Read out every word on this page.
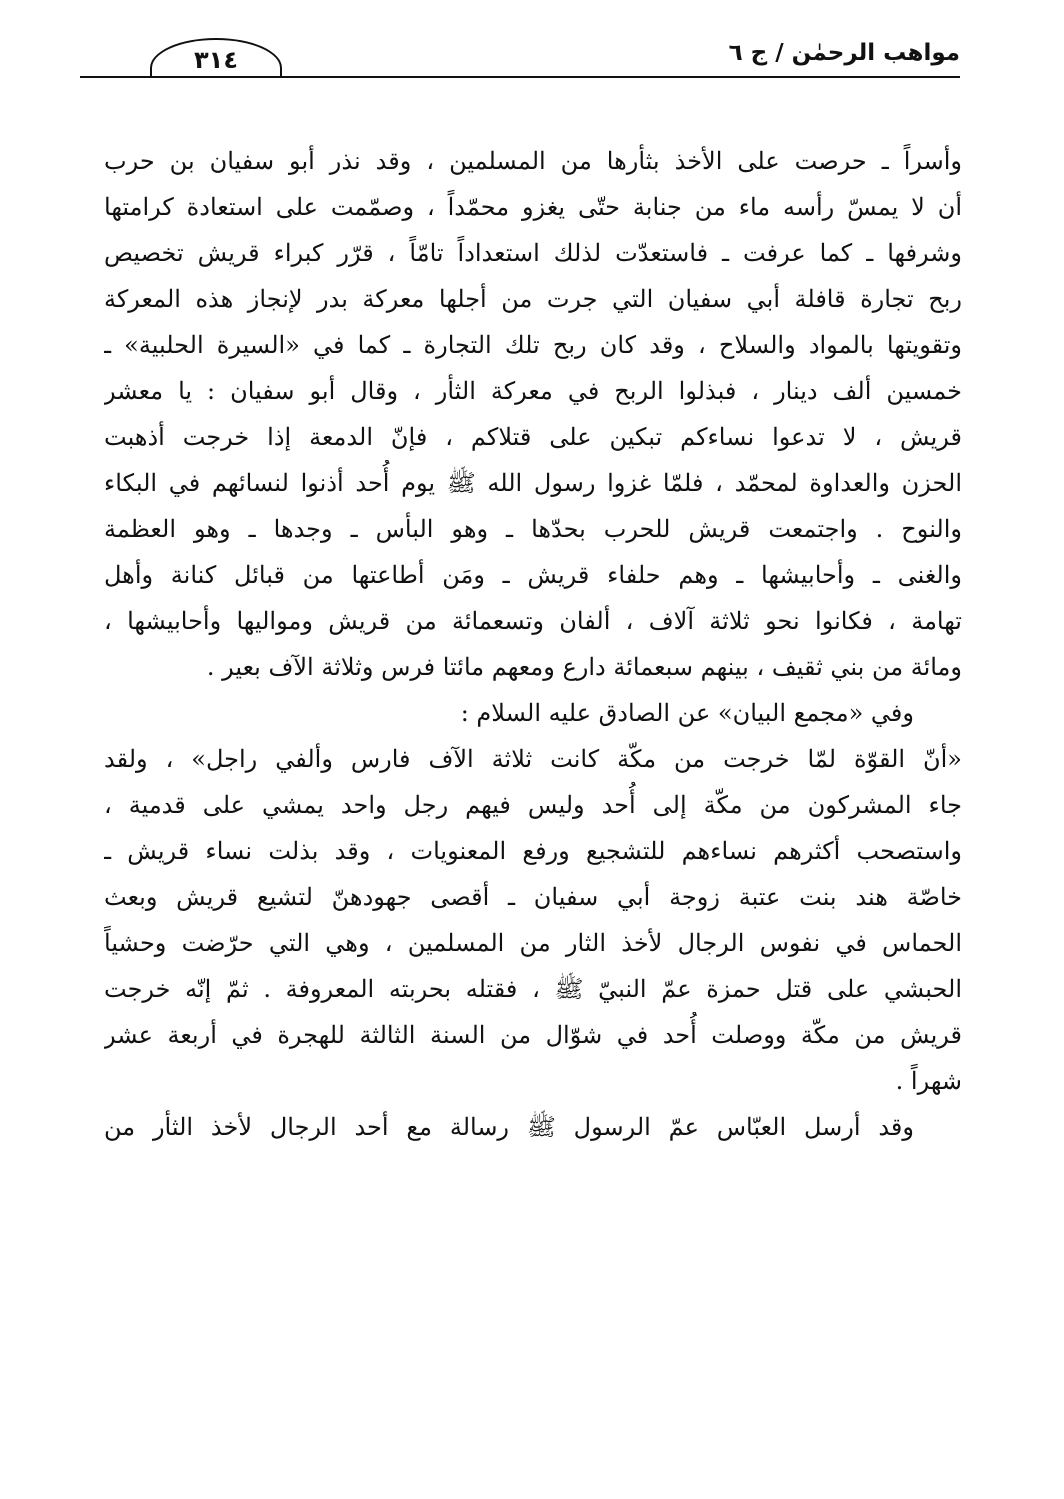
مواهب الرحمٰن / ج ٦
٣١٤
وأسراً ـ حرصت على الأخذ بثأرها من المسلمين ، وقد نذر أبو سفيان بن حرب
أن لا يمسّ رأسه ماء من جنابة حتّى يغزو محمّداً ، وصمّمت على استعادة كرامتها
وشرفها ـ كما عرفت ـ فاستعدّت لذلك استعداداً تامّاً ، قرّر كبراء قريش تخصيص
ربح تجارة قافلة أبي سفيان التي جرت من أجلها معركة بدر لإنجاز هذه المعركة
وتقويتها بالمواد والسلاح ، وقد كان ربح تلك التجارة ـ كما في «السيرة الحلبية» ـ
خمسين ألف دينار ، فبذلوا الربح في معركة الثأر ، وقال أبو سفيان : يا معشر
قريش ، لا تدعوا نساءكم تبكين على قتلاكم ، فإنّ الدمعة إذا خرجت أذهبت
الحزن والعداوة لمحمّد ، فلمّا غزوا رسول الله ﷺ يوم أُحد أذنوا لنسائهم في البكاء
والنوح . واجتمعت قريش للحرب بحدّها ـ وهو البأس ـ وجدها ـ وهو العظمة
والغنى ـ وأحابيشها ـ وهم حلفاء قريش ـ ومَن أطاعتها من قبائل كنانة وأهل
تهامة ، فكانوا نحو ثلاثة آلاف ، ألفان وتسعمائة من قريش ومواليها وأحابيشها ،
ومائة من بني ثقيف ، بينهم سبعمائة دارع ومعهم مائتا فرس وثلاثة الآف بعير .
وفي «مجمع البيان» عن الصادق عليه السلام :
«أنّ القوّة لمّا خرجت من مكّة كانت ثلاثة الآف فارس وألفي راجل» ، ولقد
جاء المشركون من مكّة إلى أُحد وليس فيهم رجل واحد يمشي على قدمية ،
واستصحب أكثرهم نساءهم للتشجيع ورفع المعنويات ، وقد بذلت نساء قريش ـ
خاصّة هند بنت عتبة زوجة أبي سفيان ـ أقصى جهودهنّ لتشيع قريش وبعث
الحماس في نفوس الرجال لأخذ الثار من المسلمين ، وهي التي حرّضت وحشياً
الحبشي على قتل حمزة عمّ النبيّ ﷺ ، فقتله بحربته المعروفة . ثمّ إنّه خرجت
قريش من مكّة ووصلت أُحد في شوّال من السنة الثالثة للهجرة في أربعة عشر
شهراً .
وقد أرسل العبّاس عمّ الرسول ﷺ رسالة مع أحد الرجال لأخذ الثأر من
